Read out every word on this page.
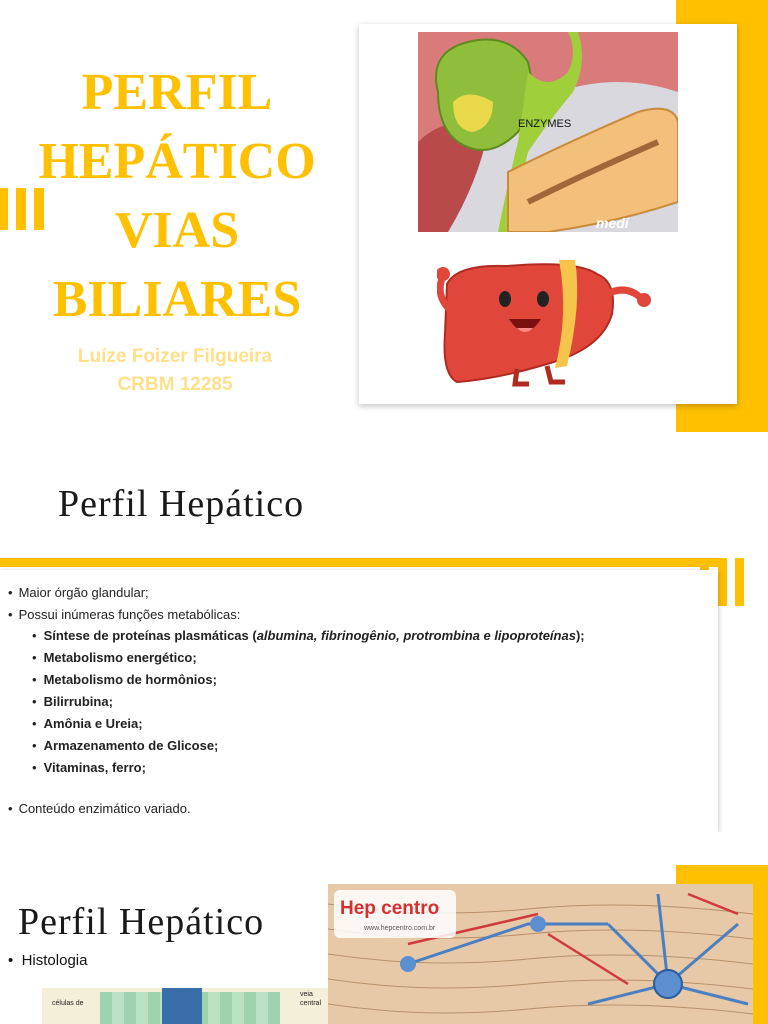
PERFIL
HEPÁTICO
VIAS
BILIARES
Luíze Foizer Filgueira
CRBM 12285
ENZYMES
medi
Perfil Hepático
• Maior órgão glandular;
• Possui inúmeras funções metabólicas:
• Síntese de proteínas plasmáticas (albumina, fibrinogênio, protrombina e lipoproteínas);
• Metabolismo energético;
• Metabolismo de hormônios;
• Bilirrubina;
• Amônia e Ureia;
• Armazenamento de Glicose;
• Vitaminas, ferro;
• Conteúdo enzimático variado.
Perfil Hepático
•  Histologia
células de
veia
central
Hep centro
www.hepcentro.com.br
